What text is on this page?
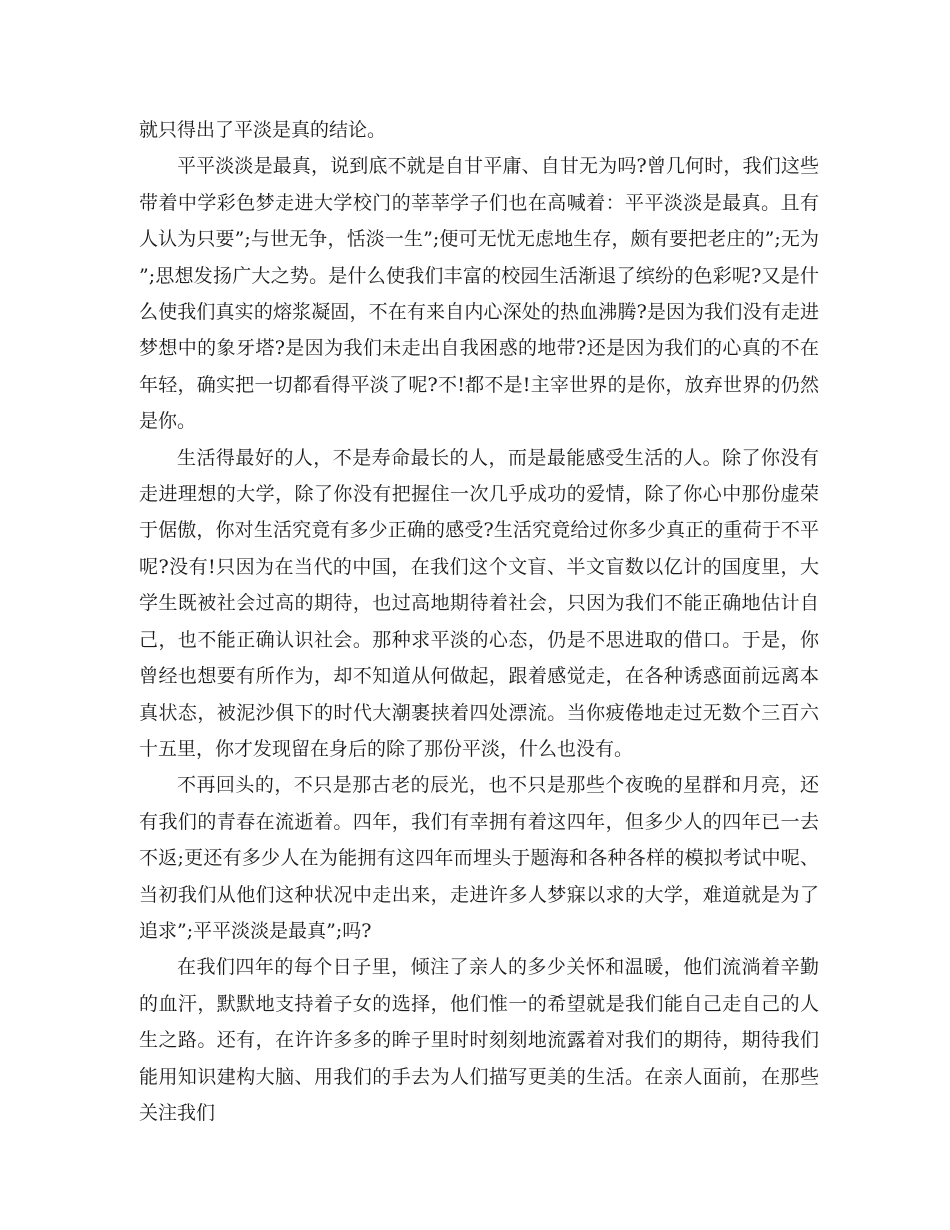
就只得出了平淡是真的结论。

平平淡淡是最真，说到底不就是自甘平庸、自甘无为吗?曾几何时，我们这些带着中学彩色梦走进大学校门的莘莘学子们也在高喊着：平平淡淡是最真。且有人认为只要”;与世无争，恬淡一生”;便可无忧无虑地生存，颇有要把老庄的”;无为”;思想发扬广大之势。是什么使我们丰富的校园生活渐退了缤纷的色彩呢?又是什么使我们真实的熔浆凝固，不在有来自内心深处的热血沸腾?是因为我们没有走进梦想中的象牙塔?是因为我们未走出自我困惑的地带?还是因为我们的心真的不在年轻，确实把一切都看得平淡了呢?不!都不是!主宰世界的是你，放弃世界的仍然是你。

生活得最好的人，不是寿命最长的人，而是最能感受生活的人。除了你没有走进理想的大学，除了你没有把握住一次几乎成功的爱情，除了你心中那份虚荣于倨傲，你对生活究竟有多少正确的感受?生活究竟给过你多少真正的重荷于不平呢?没有!只因为在当代的中国，在我们这个文盲、半文盲数以亿计的国度里，大学生既被社会过高的期待，也过高地期待着社会，只因为我们不能正确地估计自己，也不能正确认识社会。那种求平淡的心态，仍是不思进取的借口。于是，你曾经也想要有所作为，却不知道从何做起，跟着感觉走，在各种诱惑面前远离本真状态，被泥沙俱下的时代大潮裹挟着四处漂流。当你疲倦地走过无数个三百六十五里，你才发现留在身后的除了那份平淡，什么也没有。

不再回头的，不只是那古老的辰光，也不只是那些个夜晚的星群和月亮，还有我们的青春在流逝着。四年，我们有幸拥有着这四年，但多少人的四年已一去不返;更还有多少人在为能拥有这四年而埋头于题海和各种各样的模拟考试中呢、当初我们从他们这种状况中走出来，走进许多人梦寐以求的大学，难道就是为了追求”;平平淡淡是最真”;吗?

在我们四年的每个日子里，倾注了亲人的多少关怀和温暖，他们流淌着辛勤的血汗，默默地支持着子女的选择，他们惟一的希望就是我们能自己走自己的人生之路。还有，在许许多多的眸子里时时刻刻地流露着对我们的期待，期待我们能用知识建构大脑、用我们的手去为人们描写更美的生活。在亲人面前，在那些关注我们
